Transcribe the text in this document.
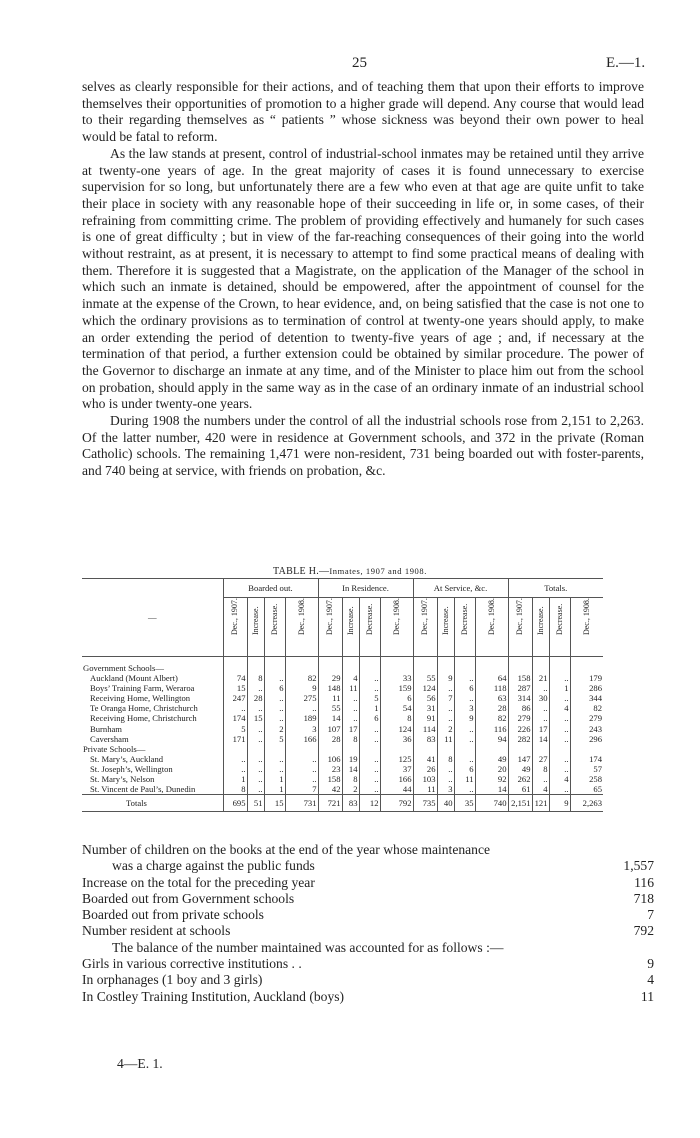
25	E.—1.

selves as clearly responsible for their actions, and of teaching them that upon their efforts to improve themselves their opportunities of promotion to a higher grade will depend. Any course that would lead to their regarding themselves as “ patients ” whose sickness was beyond their own power to heal would be fatal to reform.

As the law stands at present, control of industrial-school inmates may be retained until they arrive at twenty-one years of age. In the great majority of cases it is found unnecessary to exercise supervision for so long, but unfortunately there are a few who even at that age are quite unfit to take their place in society with any reasonable hope of their succeeding in life or, in some cases, of their refraining from committing crime. The problem of providing effectively and humanely for such cases is one of great difficulty ; but in view of the far-reaching consequences of their going into the world without restraint, as at present, it is necessary to attempt to find some practical means of dealing with them. Therefore it is suggested that a Magistrate, on the application of the Manager of the school in which such an inmate is detained, should be empowered, after the appointment of counsel for the inmate at the expense of the Crown, to hear evidence, and, on being satisfied that the case is not one to which the ordinary provisions as to termination of control at twenty-one years should apply, to make an order extending the period of detention to twenty-five years of age ; and, if necessary at the termination of that period, a further extension could be obtained by similar procedure. The power of the Governor to discharge an inmate at any time, and of the Minister to place him out from the school on probation, should apply in the same way as in the case of an ordinary inmate of an industrial school who is under twenty-one years.

During 1908 the numbers under the control of all the industrial schools rose from 2,151 to 2,263. Of the latter number, 420 were in residence at Government schools, and 372 in the private (Roman Catholic) schools. The remaining 1,471 were non-resident, 731 being boarded out with foster-parents, and 740 being at service, with friends on probation, &c.

TABLE H.—Inmates, 1907 and 1908.
—	Boarded out.				In Residence.				At Service, &c.				Totals.			

	Dec., 1907.	Increase.	Decrease.	Dec., 1908.	Dec., 1907.	Increase.	Decrease.	Dec., 1908.	Dec., 1907.	Increase.	Decrease.	Dec., 1908.	Dec., 1907.	Increase.	Decrease.	Dec., 1908.

Government Schools—																
Auckland (Mount Albert)	74	8	..	82	29	4	..	33	55	9	..	64	158	21	..	179
Boys’ Training Farm, Weraroa	15	..	6	9	148	11	..	159	124	..	6	118	287	..	1	286
Receiving Home, Wellington	247	28	..	275	11	..	5	6	56	7	..	63	314	30	..	344
Te Oranga Home, Christchurch	..	..	..	..	55	..	1	54	31	..	3	28	86	..	4	82
Receiving Home, Christchurch	174	15	..	189	14	..	6	8	91	..	9	82	279	..	..	279
Burnham	5	..	2	3	107	17	..	124	114	2	..	116	226	17	..	243
Caversham	171	..	5	166	28	8	..	36	83	11	..	94	282	14	..	296
Private Schools—																
St. Mary’s, Auckland	..	..	..	..	106	19	..	125	41	8	..	49	147	27	..	174
St. Joseph’s, Wellington	..	..	..	..	23	14	..	37	26	..	6	20	49	8	..	57
St. Mary’s, Nelson	1	..	1	..	158	8	..	166	103	..	11	92	262	..	4	258
St. Vincent de Paul’s, Dunedin	8	..	1	7	42	2	..	44	11	3	..	14	61	4	..	65
Totals	695	51	15	731	721	83	12	792	735	40	35	740	2,151	121	9	2,263
Number of children on the books at the end of the year whose maintenance
was a charge against the public funds	1,557
Increase on the total for the preceding year	116
Boarded out from Government schools	718
Boarded out from private schools	7
Number resident at schools	792
The balance of the number maintained was accounted for as follows :—
Girls in various corrective institutions . .	9
In orphanages (1 boy and 3 girls)	4
In Costley Training Institution, Auckland (boys)	11
4—E. 1.
